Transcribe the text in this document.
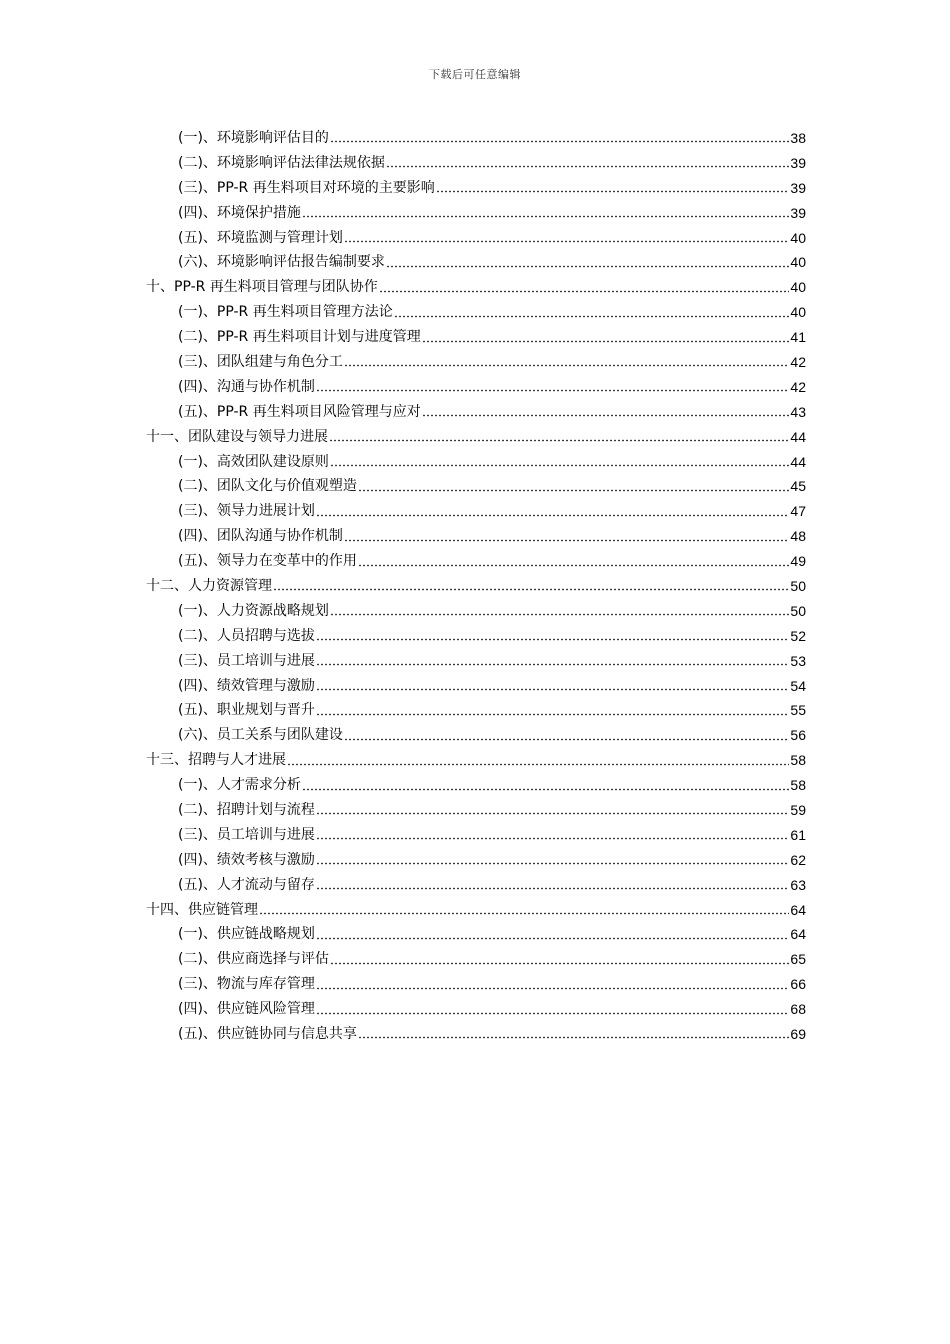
下载后可任意编辑
(一)、环境影响评估目的	38
(二)、环境影响评估法律法规依据	39
(三)、PP-R 再生料项目对环境的主要影响	39
(四)、环境保护措施	39
(五)、环境监测与管理计划	40
(六)、环境影响评估报告编制要求	40
十、PP-R 再生料项目管理与团队协作	40
(一)、PP-R 再生料项目管理方法论	40
(二)、PP-R 再生料项目计划与进度管理	41
(三)、团队组建与角色分工	42
(四)、沟通与协作机制	42
(五)、PP-R 再生料项目风险管理与应对	43
十一、团队建设与领导力进展	44
(一)、高效团队建设原则	44
(二)、团队文化与价值观塑造	45
(三)、领导力进展计划	47
(四)、团队沟通与协作机制	48
(五)、领导力在变革中的作用	49
十二、人力资源管理	50
(一)、人力资源战略规划	50
(二)、人员招聘与选拔	52
(三)、员工培训与进展	53
(四)、绩效管理与激励	54
(五)、职业规划与晋升	55
(六)、员工关系与团队建设	56
十三、招聘与人才进展	58
(一)、人才需求分析	58
(二)、招聘计划与流程	59
(三)、员工培训与进展	61
(四)、绩效考核与激励	62
(五)、人才流动与留存	63
十四、供应链管理	64
(一)、供应链战略规划	64
(二)、供应商选择与评估	65
(三)、物流与库存管理	66
(四)、供应链风险管理	68
(五)、供应链协同与信息共享	69
